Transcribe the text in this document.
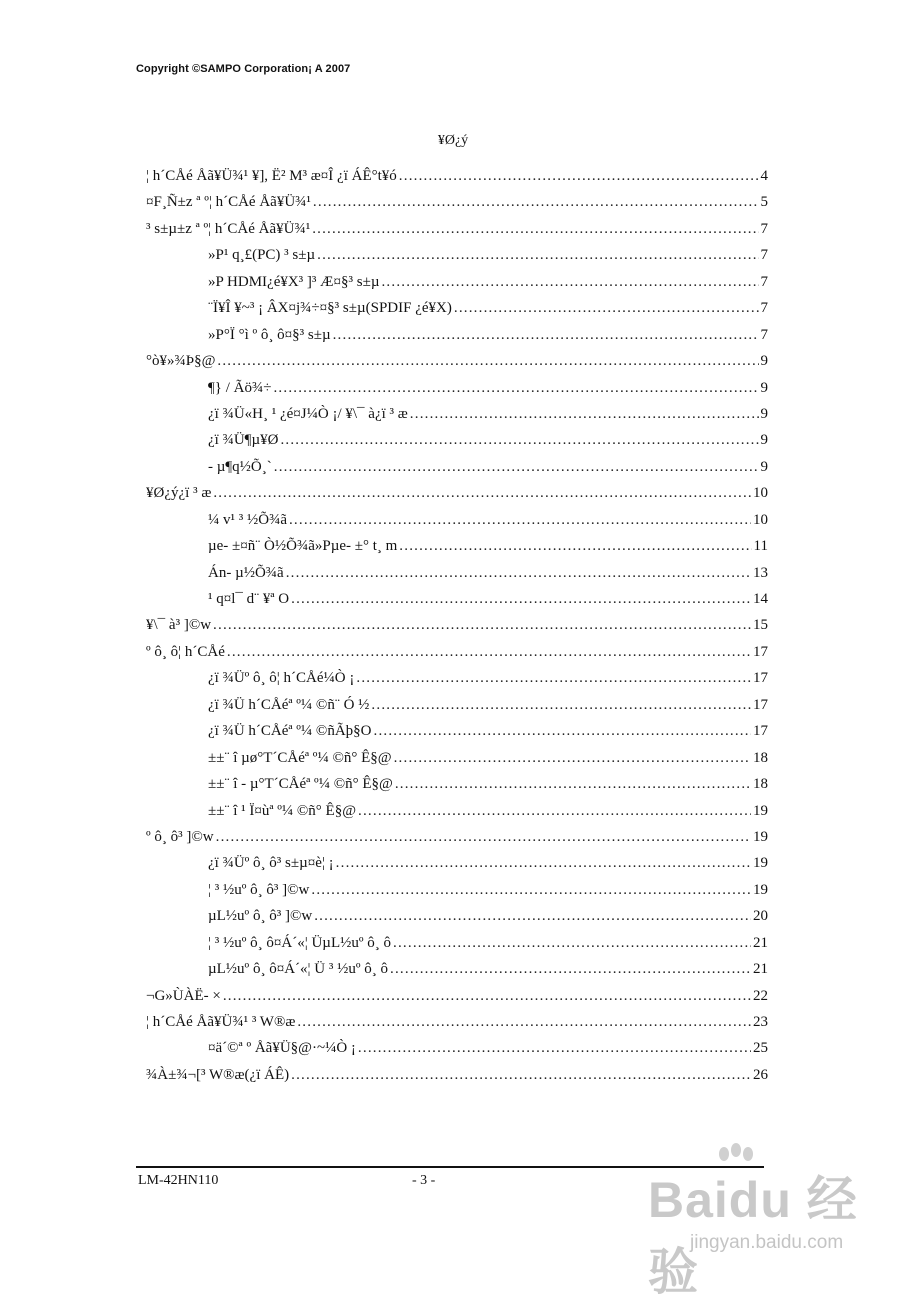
Copyright ©SAMPO Corporation¡ A 2007
¥Ø¿ý
¦ h´CÅé Åã¥Ü¾¹ ¥], Ë² M³ æ¤Î ¿ï ÁÊ°t¥ó .....	4
¤F¸Ñ±z ª º¦ h´CÅé Åã¥Ü¾¹ .....	5
³ s±µ±z ª º¦ h´CÅé Åã¥Ü¾¹ .....	7
»P¹ q¸£(PC) ³ s±µ .....	7
»P HDMI¿é¥X³ ]³ Æ¤§³ s±µ .....	7
¨Ï¥Î ¥~³ ¡ ÂX¤j¾÷¤§³ s±µ(SPDIF ¿é¥X) .....	7
»P°Ï °ì º ô¸ ô¤§³ s±µ .....	7
°ò¥»¾Þ§@ .....	9
¶} / Ãö¾÷ .....	9
¿ï ¾Ü«H¸ ¹ ¿é¤J¼Ò ¡/ ¥\¯ à¿ï ³ æ .....	9
¿ï ¾Ü¶µ¥Ø .....	9
- µ¶q½Õ¸` .....	9
¥Ø¿ý¿ï ³ æ .....	10
¼ v¹ ³ ½Õ¾ã .....	10
µe- ±¤ñ¨ Ò½Õ¾ã»Pµe- ±° t¸ m .....	11
Án- µ½Õ¾ã .....	13
¹ q¤l¯ d¨ ¥ª O .....	14
¥\¯ à³ ]©w .....	15
º ô¸ ô¦ h´CÅé .....	17
¿ï ¾Üº ô¸ ô¦ h´CÅé¼Ò ¡ .....	17
¿ï ¾Ü h´CÅéª º¼ ©ñ¨ Ó ½ .....	17
¿ï ¾Ü h´CÅéª º¼ ©ñÃþ§O .....	17
±±¨ î µø°T´CÅéª º¼ ©ñ° Ê§@ .....	18
±±¨ î - µ°T´CÅéª º¼ ©ñ° Ê§@ .....	18
±±¨ î ¹ Ï¤ùª º¼ ©ñ° Ê§@ .....	19
º ô¸ ô³ ]©w .....	19
¿ï ¾Üº ô¸ ô³ s±µ¤è¦ ¡ .....	19
¦ ³ ½uº ô¸ ô³ ]©w .....	19
µL½uº ô¸ ô³ ]©w .....	20
¦ ³ ½uº ô¸ ô¤Á´«¦ ÜµL½uº ô¸ ô .....	21
µL½uº ô¸ ô¤Á´«¦ Ü ³ ½uº ô¸ ô .....	21
¬G»ÙÀË- × .....	22
¦ h´CÅé Åã¥Ü¾¹ ³ W®æ .....	23
¤ä´©ª º Åã¥Ü§@·~¼Ò ¡ .....	25
¾À±¾¬[³ W®æ(¿ï ÁÊ) .....	26
LM-42HN110	- 3 -	Baidu 经验
jingyan.baidu.com
